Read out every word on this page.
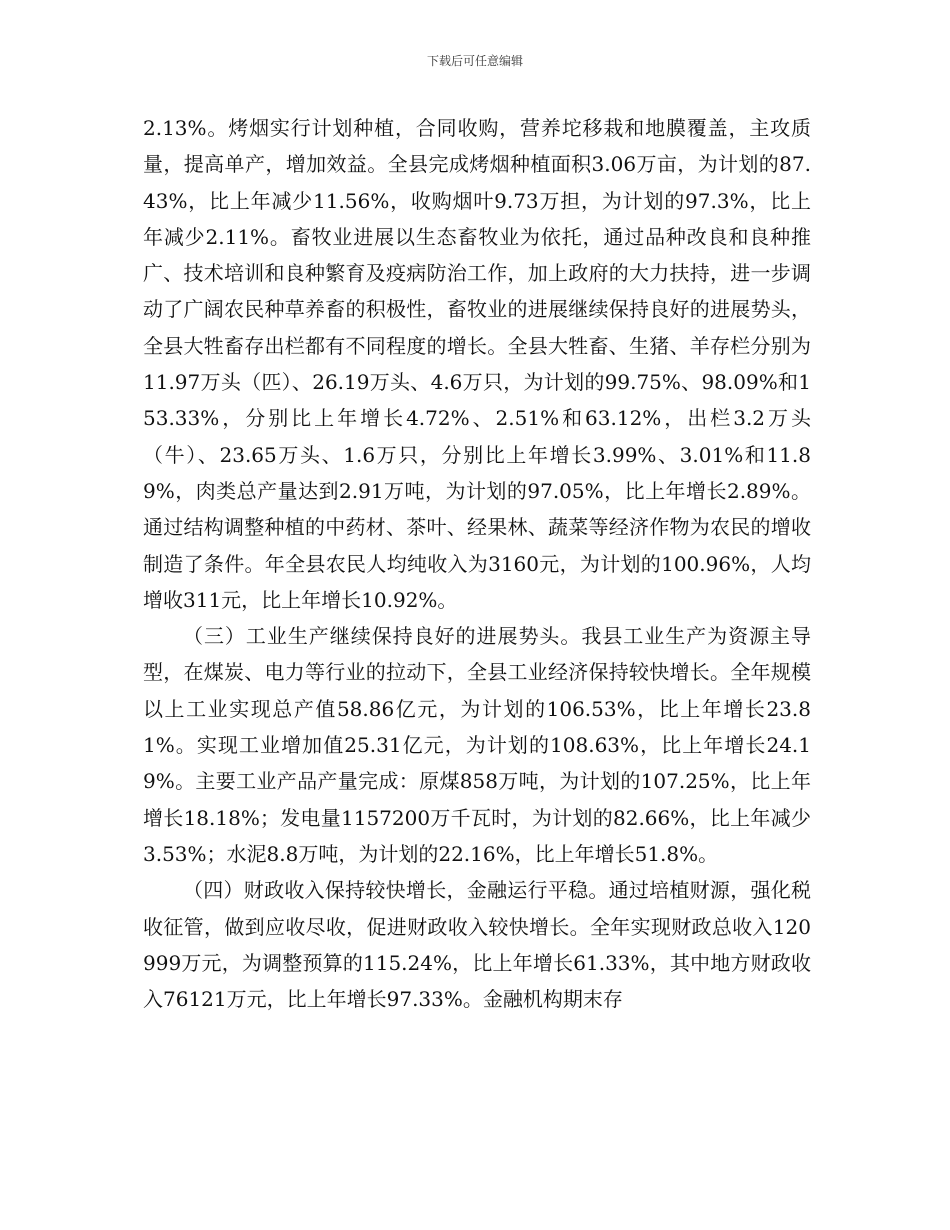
下载后可任意编辑

2.13%。烤烟实行计划种植，合同收购，营养坨移栽和地膜覆盖，主攻质量，提高单产，增加效益。全县完成烤烟种植面积3.06万亩，为计划的87.43%，比上年减少11.56%，收购烟叶9.73万担，为计划的97.3%，比上年减少2.11%。畜牧业进展以生态畜牧业为依托，通过品种改良和良种推广、技术培训和良种繁育及疫病防治工作，加上政府的大力扶持，进一步调动了广阔农民种草养畜的积极性，畜牧业的进展继续保持良好的进展势头，全县大牲畜存出栏都有不同程度的增长。全县大牲畜、生猪、羊存栏分别为11.97万头（匹）、26.19万头、4.6万只，为计划的99.75%、98.09%和153.33%，分别比上年增长4.72%、2.51%和63.12%，出栏3.2万头（牛）、23.65万头、1.6万只，分别比上年增长3.99%、3.01%和11.89%，肉类总产量达到2.91万吨，为计划的97.05%，比上年增长2.89%。通过结构调整种植的中药材、茶叶、经果林、蔬菜等经济作物为农民的增收制造了条件。年全县农民人均纯收入为3160元，为计划的100.96%，人均增收311元，比上年增长10.92%。

（三）工业生产继续保持良好的进展势头。我县工业生产为资源主导型，在煤炭、电力等行业的拉动下，全县工业经济保持较快增长。全年规模以上工业实现总产值58.86亿元，为计划的106.53%，比上年增长23.81%。实现工业增加值25.31亿元，为计划的108.63%，比上年增长24.19%。主要工业产品产量完成：原煤858万吨，为计划的107.25%，比上年增长18.18%；发电量1157200万千瓦时，为计划的82.66%，比上年减少3.53%；水泥8.8万吨，为计划的22.16%，比上年增长51.8%。

（四）财政收入保持较快增长，金融运行平稳。通过培植财源，强化税收征管，做到应收尽收，促进财政收入较快增长。全年实现财政总收入120999万元，为调整预算的115.24%，比上年增长61.33%，其中地方财政收入76121万元，比上年增长97.33%。金融机构期末存
